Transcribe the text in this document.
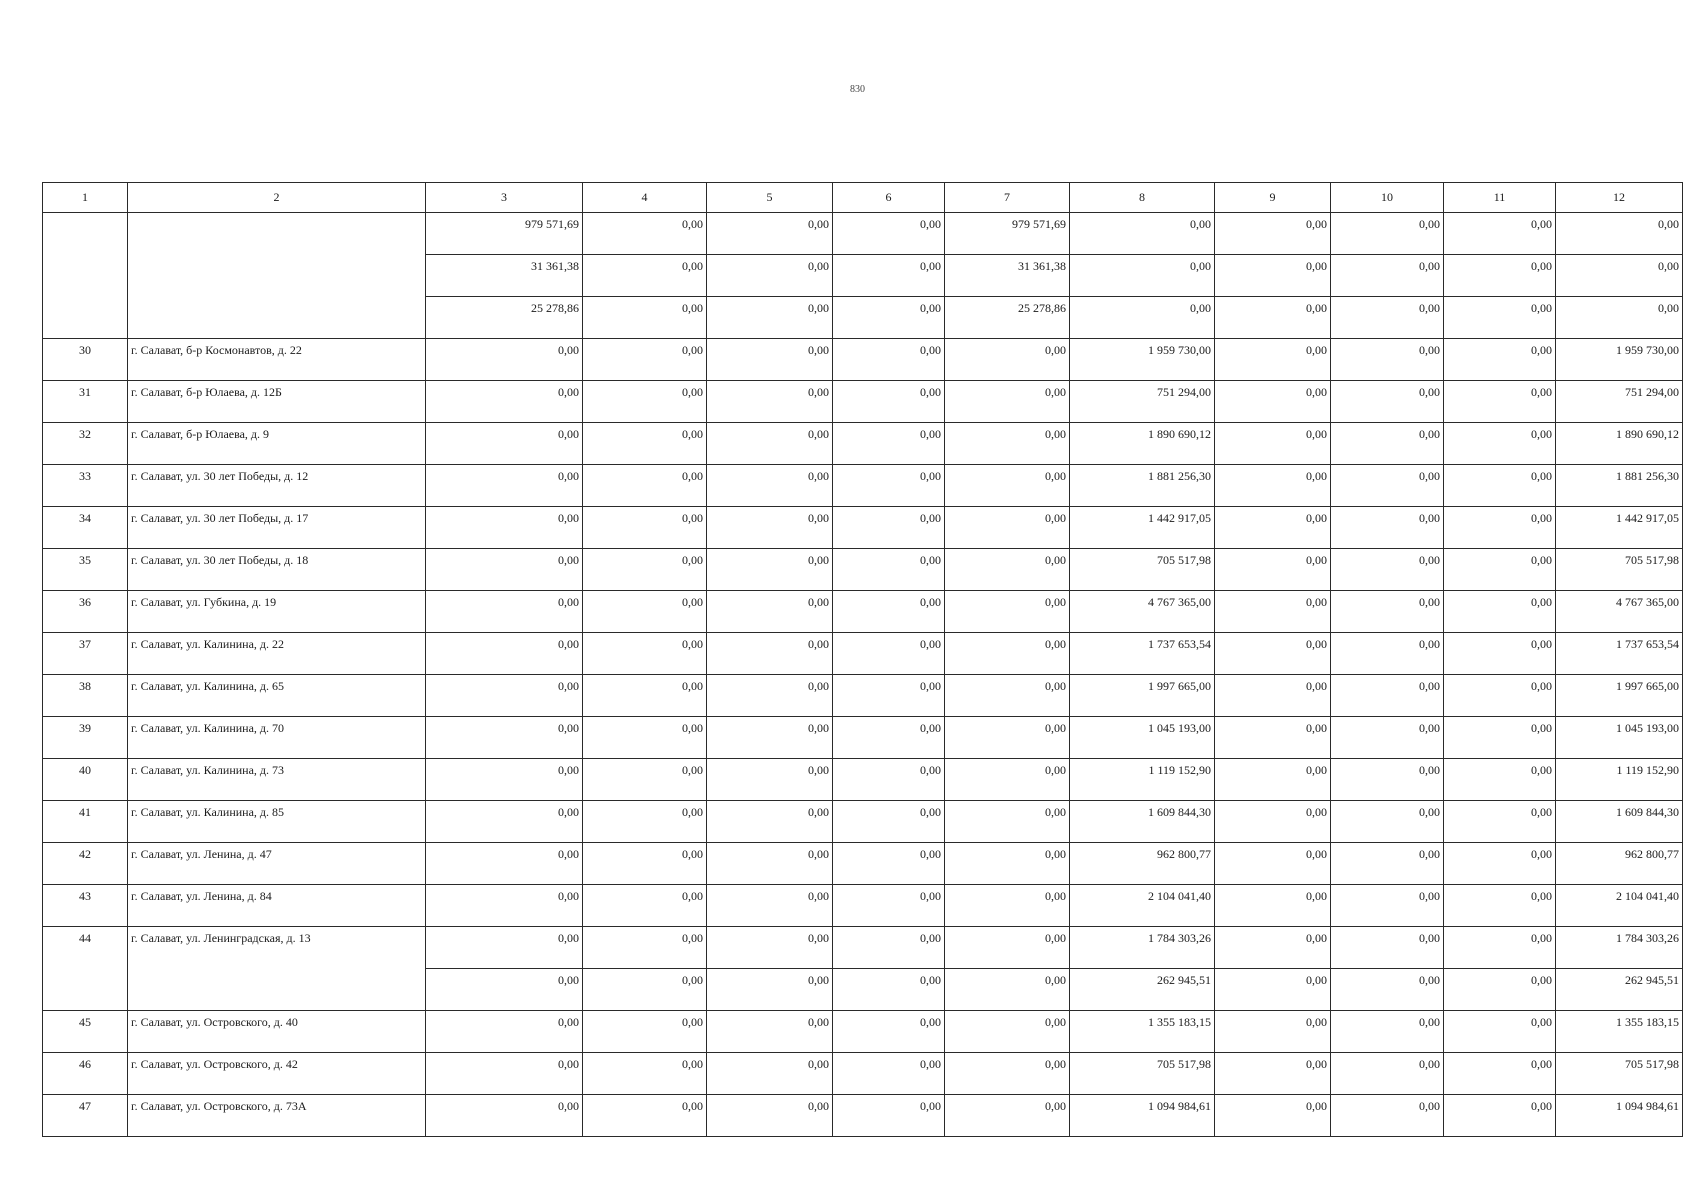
830
1	2	3	4	5	6	7	8	9	10	11	12
		979 571,69	0,00	0,00	0,00	979 571,69	0,00	0,00	0,00	0,00	0,00
		31 361,38	0,00	0,00	0,00	31 361,38	0,00	0,00	0,00	0,00	0,00
		25 278,86	0,00	0,00	0,00	25 278,86	0,00	0,00	0,00	0,00	0,00
30	г. Салават, б-р Космонавтов, д. 22	0,00	0,00	0,00	0,00	0,00	1 959 730,00	0,00	0,00	0,00	1 959 730,00
31	г. Салават, б-р Юлаева, д. 12Б	0,00	0,00	0,00	0,00	0,00	751 294,00	0,00	0,00	0,00	751 294,00
32	г. Салават, б-р Юлаева, д. 9	0,00	0,00	0,00	0,00	0,00	1 890 690,12	0,00	0,00	0,00	1 890 690,12
33	г. Салават, ул. 30 лет Победы, д. 12	0,00	0,00	0,00	0,00	0,00	1 881 256,30	0,00	0,00	0,00	1 881 256,30
34	г. Салават, ул. 30 лет Победы, д. 17	0,00	0,00	0,00	0,00	0,00	1 442 917,05	0,00	0,00	0,00	1 442 917,05
35	г. Салават, ул. 30 лет Победы, д. 18	0,00	0,00	0,00	0,00	0,00	705 517,98	0,00	0,00	0,00	705 517,98
36	г. Салават, ул. Губкина, д. 19	0,00	0,00	0,00	0,00	0,00	4 767 365,00	0,00	0,00	0,00	4 767 365,00
37	г. Салават, ул. Калинина, д. 22	0,00	0,00	0,00	0,00	0,00	1 737 653,54	0,00	0,00	0,00	1 737 653,54
38	г. Салават, ул. Калинина, д. 65	0,00	0,00	0,00	0,00	0,00	1 997 665,00	0,00	0,00	0,00	1 997 665,00
39	г. Салават, ул. Калинина, д. 70	0,00	0,00	0,00	0,00	0,00	1 045 193,00	0,00	0,00	0,00	1 045 193,00
40	г. Салават, ул. Калинина, д. 73	0,00	0,00	0,00	0,00	0,00	1 119 152,90	0,00	0,00	0,00	1 119 152,90
41	г. Салават, ул. Калинина, д. 85	0,00	0,00	0,00	0,00	0,00	1 609 844,30	0,00	0,00	0,00	1 609 844,30
42	г. Салават, ул. Ленина, д. 47	0,00	0,00	0,00	0,00	0,00	962 800,77	0,00	0,00	0,00	962 800,77
43	г. Салават, ул. Ленина, д. 84	0,00	0,00	0,00	0,00	0,00	2 104 041,40	0,00	0,00	0,00	2 104 041,40
44	г. Салават, ул. Ленинградская, д. 13	0,00	0,00	0,00	0,00	0,00	1 784 303,26	0,00	0,00	0,00	1 784 303,26
		0,00	0,00	0,00	0,00	0,00	262 945,51	0,00	0,00	0,00	262 945,51
45	г. Салават, ул. Островского, д. 40	0,00	0,00	0,00	0,00	0,00	1 355 183,15	0,00	0,00	0,00	1 355 183,15
46	г. Салават, ул. Островского, д. 42	0,00	0,00	0,00	0,00	0,00	705 517,98	0,00	0,00	0,00	705 517,98
47	г. Салават, ул. Островского, д. 73А	0,00	0,00	0,00	0,00	0,00	1 094 984,61	0,00	0,00	0,00	1 094 984,61
